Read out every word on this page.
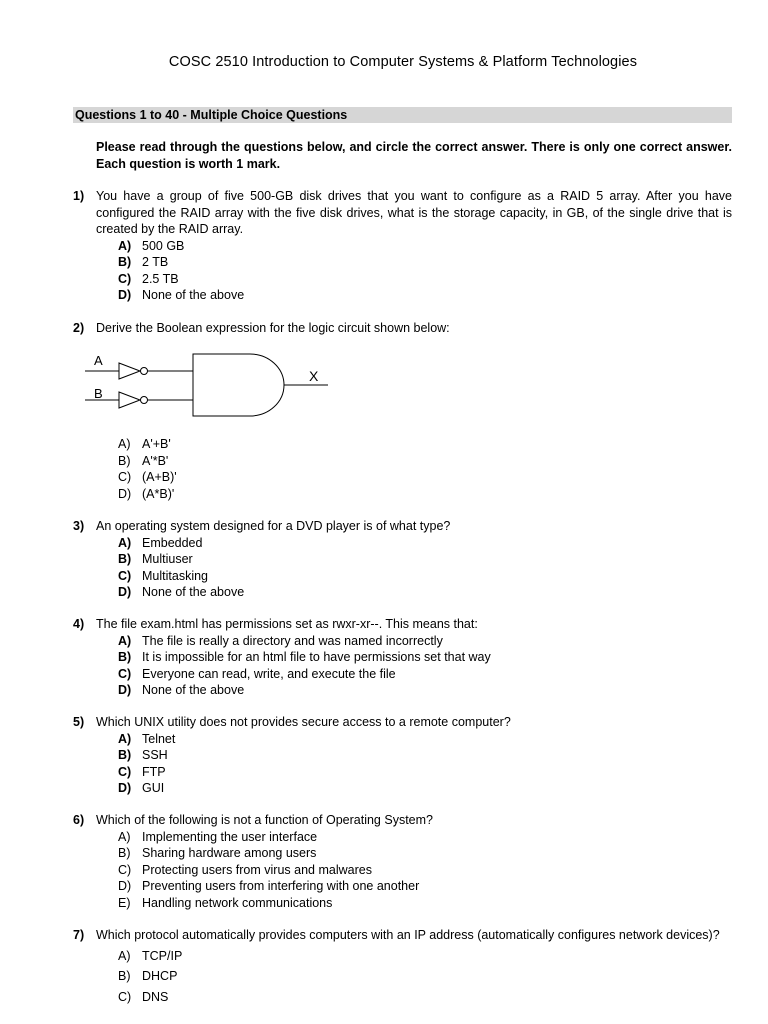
COSC 2510 Introduction to Computer Systems & Platform Technologies
Questions 1 to 40 - Multiple Choice Questions
Please read through the questions below, and circle the correct answer. There is only one correct answer. Each question is worth 1 mark.
1) You have a group of five 500-GB disk drives that you want to configure as a RAID 5 array. After you have configured the RAID array with the five disk drives, what is the storage capacity, in GB, of the single drive that is created by the RAID array.
A) 500 GB
B) 2 TB
C) 2.5 TB
D) None of the above
2) Derive the Boolean expression for the logic circuit shown below:
A
B
X
A) A'+B'
B) A'*B'
C) (A+B)'
D) (A*B)'
3) An operating system designed for a DVD player is of what type?
A) Embedded
B) Multiuser
C) Multitasking
D) None of the above
4) The file exam.html has permissions set as rwxr-xr--. This means that:
A) The file is really a directory and was named incorrectly
B) It is impossible for an html file to have permissions set that way
C) Everyone can read, write, and execute the file
D) None of the above
5) Which UNIX utility does not provides secure access to a remote computer?
A) Telnet
B) SSH
C) FTP
D) GUI
6) Which of the following is not a function of Operating System?
A) Implementing the user interface
B) Sharing hardware among users
C) Protecting users from virus and malwares
D) Preventing users from interfering with one another
E) Handling network communications
7) Which protocol automatically provides computers with an IP address (automatically configures network devices)?
A) TCP/IP
B) DHCP
C) DNS
